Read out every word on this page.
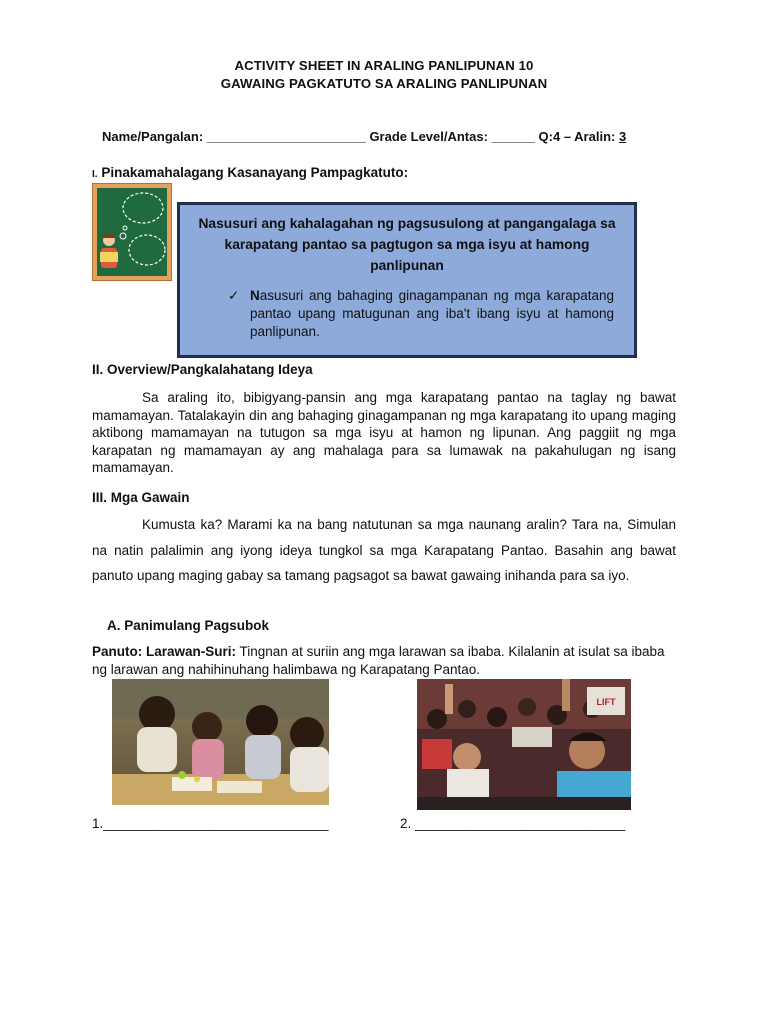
ACTIVITY SHEET IN ARALING PANLIPUNAN 10
GAWAING PAGKATUTO SA ARALING PANLIPUNAN
Name/Pangalan: ______________________ Grade Level/Antas: ______ Q:4 – Aralin: 3
I. Pinakamahalagang Kasanayang Pampagkatuto:
Nasusuri ang kahalagahan ng pagsusulong at pangangalaga sa karapatang pantao sa pagtugon sa mga isyu at hamong panlipunan
✓ Nasusuri ang bahaging ginagampanan ng mga karapatang pantao upang matugunan ang iba't ibang isyu at hamong panlipunan.
II. Overview/Pangkalahatang Ideya
Sa araling ito, bibigyang-pansin ang mga karapatang pantao na taglay ng bawat mamamayan. Tatalakayin din ang bahaging ginagampanan ng mga karapatang ito upang maging aktibong mamamayan na tutugon sa mga isyu at hamon ng lipunan. Ang paggiit ng mga karapatan ng mamamayan ay ang mahalaga para sa lumawak na pakahulugan ng isang mamamayan.
III. Mga Gawain
Kumusta ka? Marami ka na bang natutunan sa mga naunang aralin? Tara na, Simulan na natin palalimin ang iyong ideya tungkol sa mga Karapatang Pantao. Basahin ang bawat panuto upang maging gabay sa tamang pagsagot sa bawat gawaing inihanda para sa iyo.
A. Panimulang Pagsubok
Panuto: Larawan-Suri: Tingnan at suriin ang mga larawan sa ibaba. Kilalanin at isulat sa ibaba ng larawan ang nahihinuhang halimbawa ng Karapatang Pantao.
LIFT
1.______________________________	2. ____________________________
